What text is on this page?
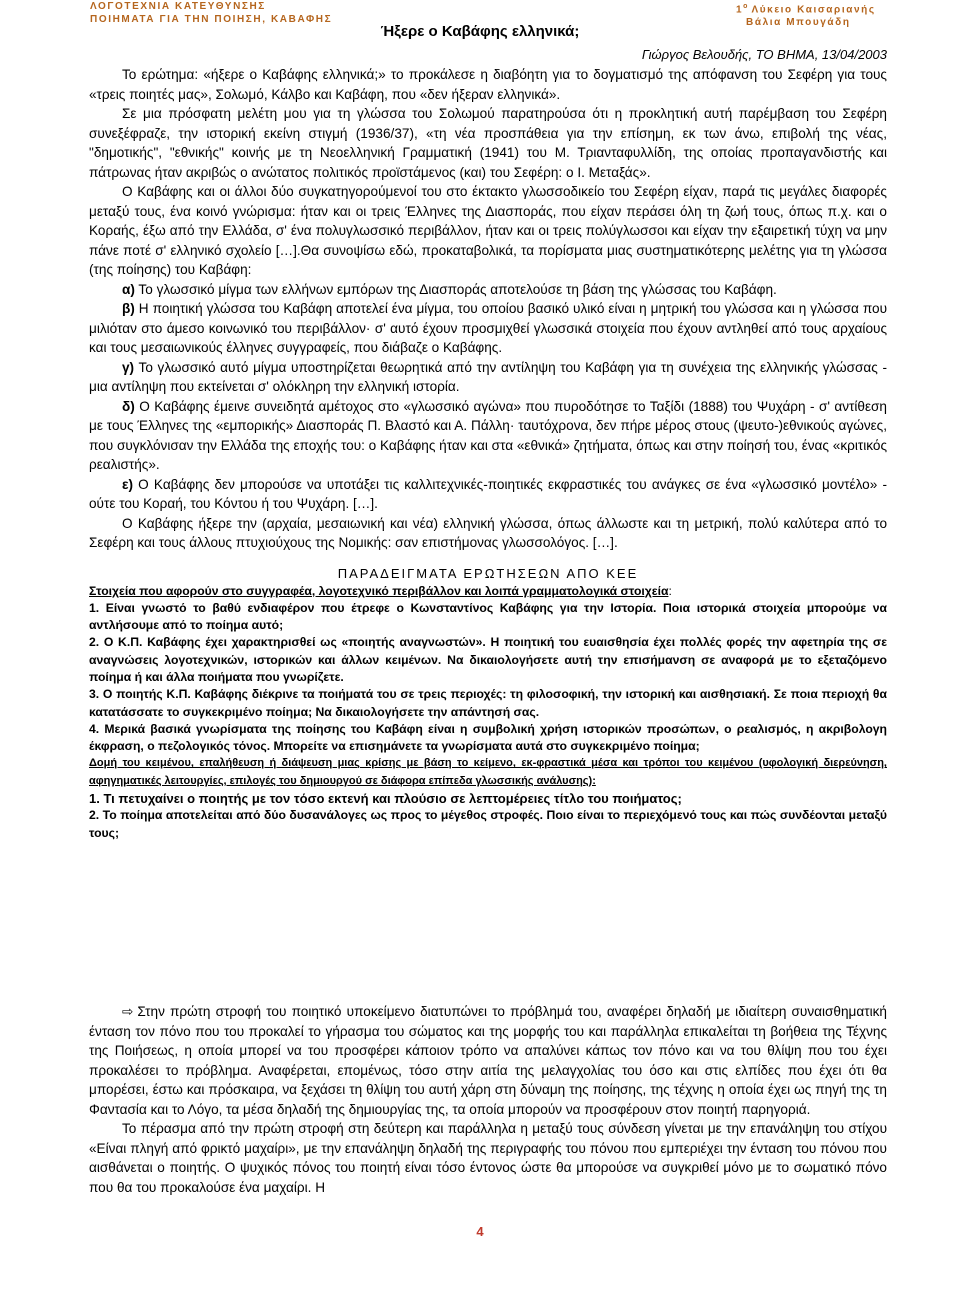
ΛΟΓΟΤΕΧΝΙΑ ΚΑΤΕΥΘΥΝΣΗΣ
ΠΟΙΗΜΑΤΑ ΓΙΑ ΤΗΝ ΠΟΙΗΣΗ, ΚΑΒΑΦΗΣ
$1^o$ Λύκειο Καισαριανής
Βάλια Μπουγάδη
Ήξερε ο Καβάφης ελληνικά;
Γιώργος Βελουδής, ΤΟ ΒΗΜΑ, 13/04/2003

Το ερώτημα: «ήξερε ο Καβάφης ελληνικά;» το προκάλεσε η διαβόητη για το δογματισμό της απόφανση του Σεφέρη για τους «τρεις ποιητές μας», Σολωμό, Κάλβο και Καβάφη, που «δεν ήξεραν ελληνικά».

Σε μια πρόσφατη μελέτη μου για τη γλώσσα του Σολωμού παρατηρούσα ότι η προκλητική αυτή παρέμβαση του Σεφέρη συνεξέφραζε, την ιστορική εκείνη στιγμή (1936/37), «τη νέα προσπάθεια για την επίσημη, εκ των άνω, επιβολή της νέας, "δημοτικής", "εθνικής" κοινής με τη Νεοελληνική Γραμματική (1941) του Μ. Τριανταφυλλίδη, της οποίας προπαγανδιστής και πάτρωνας ήταν ακριβώς ο ανώτατος πολιτικός προϊστάμενος (και) του Σεφέρη: ο Ι. Μεταξάς».

Ο Καβάφης και οι άλλοι δύο συγκατηγορούμενοί του στο έκτακτο γλωσσοδικείο του Σεφέρη είχαν, παρά τις μεγάλες διαφορές μεταξύ τους, ένα κοινό γνώρισμα: ήταν και οι τρεις Έλληνες της Διασποράς, που είχαν περάσει όλη τη ζωή τους, όπως π.χ. και ο Κοραής, έξω από την Ελλάδα, σ' ένα πολυγλωσσικό περιβάλλον, ήταν και οι τρεις πολύγλωσσοι και είχαν την εξαιρετική τύχη να μην πάνε ποτέ σ' ελληνικό σχολείο […].Θα συνοψίσω εδώ, προκαταβολικά, τα πορίσματα μιας συστηματικότερης μελέτης για τη γλώσσα (της ποίησης) του Καβάφη:

α) Το γλωσσικό μίγμα των ελλήνων εμπόρων της Διασποράς αποτελούσε τη βάση της γλώσσας του Καβάφη.

β) Η ποιητική γλώσσα του Καβάφη αποτελεί ένα μίγμα, του οποίου βασικό υλικό είναι η μητρική του γλώσσα και η γλώσσα που μιλιόταν στο άμεσο κοινωνικό του περιβάλλον· σ' αυτό έχουν προσμιχθεί γλωσσικά στοιχεία που έχουν αντληθεί από τους αρχαίους και τους μεσαιωνικούς έλληνες συγγραφείς, που διάβαζε ο Καβάφης.

γ) Το γλωσσικό αυτό μίγμα υποστηρίζεται θεωρητικά από την αντίληψη του Καβάφη για τη συνέχεια της ελληνικής γλώσσας - μια αντίληψη που εκτείνεται σ' ολόκληρη την ελληνική ιστορία.

δ) Ο Καβάφης έμεινε συνειδητά αμέτοχος στο «γλωσσικό αγώνα» που πυροδότησε το Ταξίδι (1888) του Ψυχάρη - σ' αντίθεση με τους Έλληνες της «εμπορικής» Διασποράς Π. Βλαστό και Α. Πάλλη· ταυτόχρονα, δεν πήρε μέρος στους (ψευτο-)εθνικούς αγώνες, που συγκλόνισαν την Ελλάδα της εποχής του: ο Καβάφης ήταν και στα «εθνικά» ζητήματα, όπως και στην ποίησή του, ένας «κριτικός ρεαλιστής».

ε) Ο Καβάφης δεν μπορούσε να υποτάξει τις καλλιτεχνικές-ποιητικές εκφραστικές του ανάγκες σε ένα «γλωσσικό μοντέλο» - ούτε του Κοραή, του Κόντου ή του Ψυχάρη. […].

Ο Καβάφης ήξερε την (αρχαία, μεσαιωνική και νέα) ελληνική γλώσσα, όπως άλλωστε και τη μετρική, πολύ καλύτερα από το Σεφέρη και τους άλλους πτυχιούχους της Νομικής: σαν επιστήμονας γλωσσολόγος. […].

ΠΑΡΑΔΕΙΓΜΑΤΑ ΕΡΩΤΗΣΕΩΝ ΑΠΟ ΚΕΕ

Στοιχεία που αφορούν στο συγγραφέα, λογοτεχνικό περιβάλλον και λοιπά γραμματολογικά στοιχεία:

1. Είναι γνωστό το βαθύ ενδιαφέρον που έτρεφε ο Κωνσταντίνος Καβάφης για την Ιστορία. Ποια ιστορικά στοιχεία μπορούμε να αντλήσουμε από το ποίημα αυτό;

2. Ο Κ.Π. Καβάφης έχει χαρακτηρισθεί ως «ποιητής αναγνωστών». Η ποιητική του ευαισθησία έχει πολλές φορές την αφετηρία της σε αναγνώσεις λογοτεχνικών, ιστορικών και άλλων κειμένων. Να δικαιολογήσετε αυτή την επισήμανση σε αναφορά με το εξεταζόμενο ποίημα ή και άλλα ποιήματα που γνωρίζετε.

3. Ο ποιητής Κ.Π. Καβάφης διέκρινε τα ποιήματά του σε τρεις περιοχές: τη φιλοσοφική, την ιστορική και αισθησιακή. Σε ποια περιοχή θα κατατάσσατε το συγκεκριμένο ποίημα; Να δικαιολογήσετε την απάντησή σας.

4. Μερικά βασικά γνωρίσματα της ποίησης του Καβάφη είναι η συμβολική χρήση ιστορικών προσώπων, ο ρεαλισμός, η ακριβολογη έκφραση, ο πεζολογικός τόνος. Μπορείτε να επισημάνετε τα γνωρίσματα αυτά στο συγκεκριμένο ποίημα;

Δομή του κειμένου, επαλήθευση ή διάψευση μιας κρίσης με βάση το κείμενο, εκ-φραστικά μέσα και τρόποι του κειμένου (υφολογική διερεύνηση, αφηγηματικές λειτουργίες, επιλογές του δημιουργού σε διάφορα επίπεδα γλωσσικής ανάλυσης):

1. Τι πετυχαίνει ο ποιητής με τον τόσο εκτενή και πλούσιο σε λεπτομέρειες τίτλο του ποιήματος;

2. Το ποίημα αποτελείται από δύο δυσανάλογες ως προς το μέγεθος στροφές. Ποιο είναι το περιεχόμενό τους και πώς συνδέονται μεταξύ τους;

⇨ Στην πρώτη στροφή του ποιητικό υποκείμενο διατυπώνει το πρόβλημά του, αναφέρει δηλαδή με ιδιαίτερη συναισθηματική ένταση τον πόνο που του προκαλεί το γήρασμα του σώματος και της μορφής του και παράλληλα επικαλείται τη βοήθεια της Τέχνης της Ποιήσεως, η οποία μπορεί να του προσφέρει κάποιον τρόπο να απαλύνει κάπως τον πόνο και να του θλίψη που του έχει προκαλέσει το πρόβλημα. Αναφέρεται, επομένως, τόσο στην αιτία της μελαγχολίας του όσο και στις ελπίδες που έχει ότι θα μπορέσει, έστω και πρόσκαιρα, να ξεχάσει τη θλίψη του αυτή χάρη στη δύναμη της ποίησης, της τέχνης η οποία έχει ως πηγή της τη Φαντασία και το Λόγο, τα μέσα δηλαδή της δημιουργίας της, τα οποία μπορούν να προσφέρουν στον ποιητή παρηγοριά.

Το πέρασμα από την πρώτη στροφή στη δεύτερη και παράλληλα η μεταξύ τους σύνδεση γίνεται με την επανάληψη του στίχου «Είναι πληγή από φρικτό μαχαίρι», με την επανάληψη δηλαδή της περιγραφής του πόνου που εμπεριέχει την ένταση του πόνου που αισθάνεται ο ποιητής. Ο ψυχικός πόνος του ποιητή είναι τόσο έντονος ώστε θα μπορούσε να συγκριθεί μόνο με το σωματικό πόνο που θα του προκαλούσε ένα μαχαίρι. Η

4
